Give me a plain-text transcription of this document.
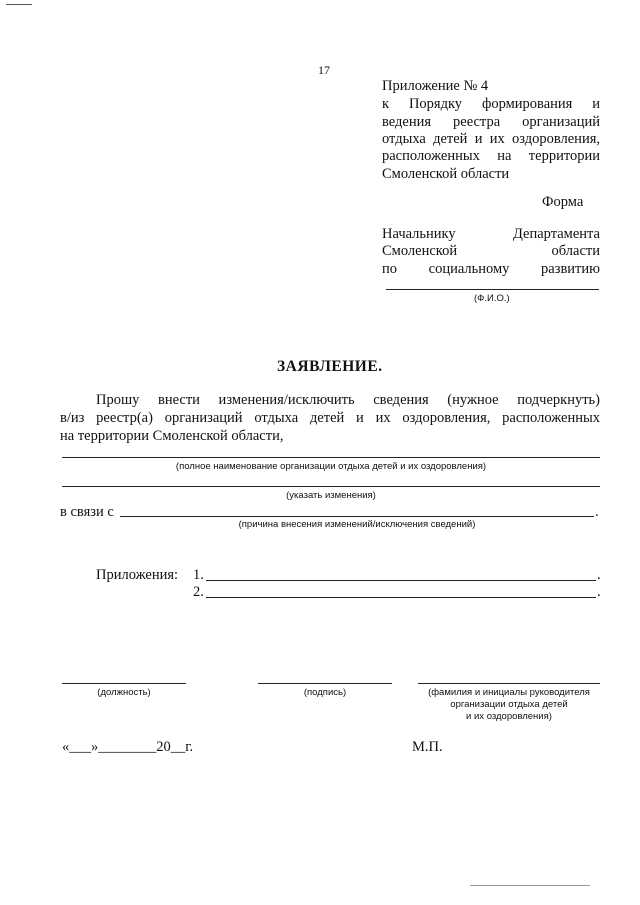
17
Приложение № 4
к Порядку формирования и
ведения реестра организаций
отдыха детей и их оздоровления,
расположенных на территории
Смоленской области
Форма
Начальнику Департамента
Смоленской области
по социальному развитию
(Ф.И.О.)
ЗАЯВЛЕНИЕ.
Прошу внести изменения/исключить сведения (нужное подчеркнуть)
в/из реестр(а) организаций отдыха детей и их оздоровления, расположенных
на территории Смоленской области,
(полное наименование организации отдыха детей и их оздоровления)
(указать изменения)
в связи с	.
(причина внесения изменений/исключения сведений)
Приложения: 1.	.
2.	.
(должность)	(подпись)	(фамилия и инициалы руководителя
организации отдыха детей
и их оздоровления)
«___»________20__г.	М.П.
